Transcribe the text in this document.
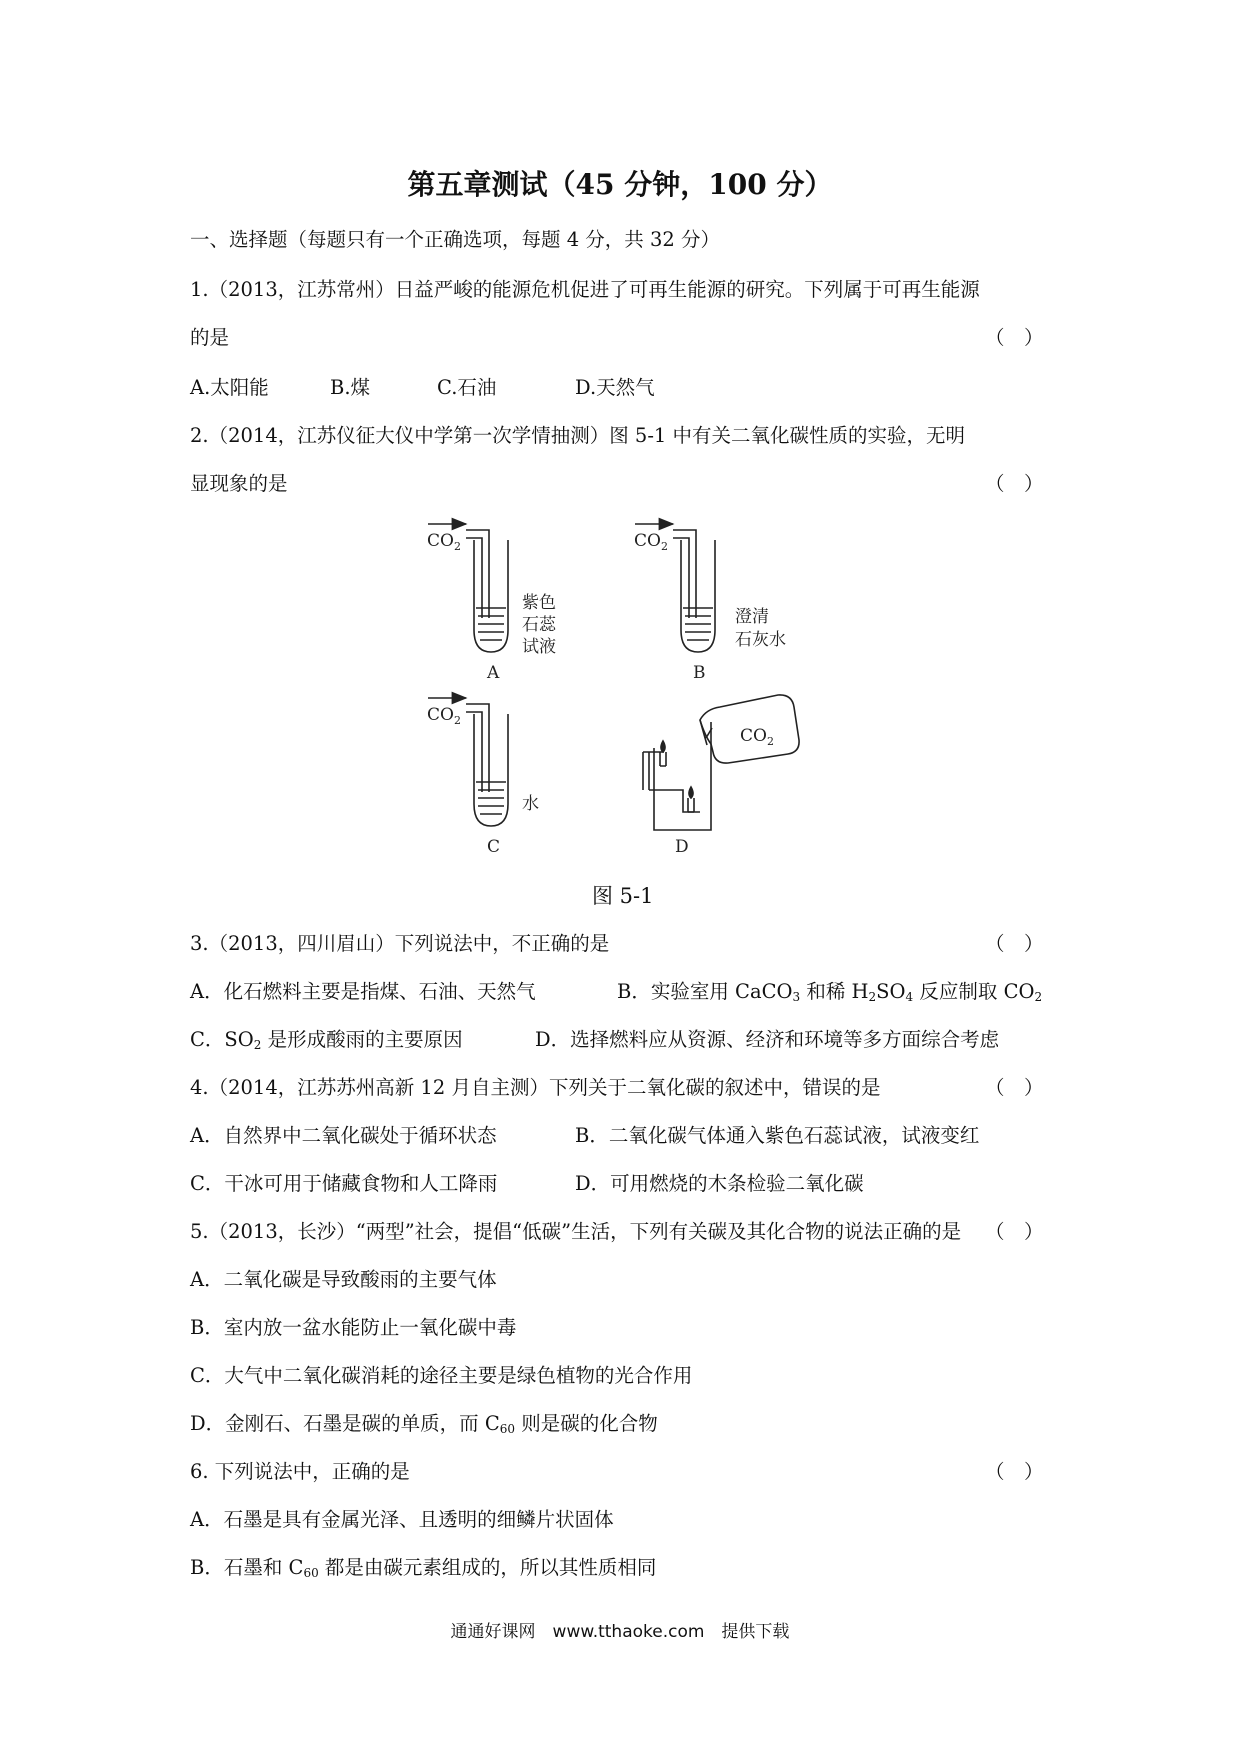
第五章测试（45 分钟，100 分）
一、选择题（每题只有一个正确选项，每题 4 分，共 32 分）
1.（2013，江苏常州）日益严峻的能源危机促进了可再生能源的研究。下列属于可再生能源
的是	（　）
A.太阳能	B.煤	C.石油	D.天然气
2.（2014，江苏仪征大仪中学第一次学情抽测）图 5-1 中有关二氧化碳性质的实验，无明
显现象的是	（　）
$CO_2$	$CO_2$
$CO_2$
$CO_2$
紫色
石蕊
试液
澄清
石灰水
水
A	B
C	D
图 5-1
3.（2013，四川眉山）下列说法中，不正确的是	（　）
A．化石燃料主要是指煤、石油、天然气	B．实验室用 CaCO$_3$ 和稀 $H_2SO_4$ 反应制取 $CO_2$
C．$SO_2$ 是形成酸雨的主要原因	D．选择燃料应从资源、经济和环境等多方面综合考虑
4.（2014，江苏苏州高新 12 月自主测）下列关于二氧化碳的叙述中，错误的是	（　）
A．自然界中二氧化碳处于循环状态	B．二氧化碳气体通入紫色石蕊试液，试液变红
C．干冰可用于储藏食物和人工降雨	D．可用燃烧的木条检验二氧化碳
5.（2013，长沙）“两型”社会，提倡“低碳”生活，下列有关碳及其化合物的说法正确的是 （　）
A．二氧化碳是导致酸雨的主要气体
B．室内放一盆水能防止一氧化碳中毒
C．大气中二氧化碳消耗的途径主要是绿色植物的光合作用
D．金刚石、石墨是碳的单质，而 $C_{60}$ 则是碳的化合物
6. 下列说法中，正确的是	（　）
A．石墨是具有金属光泽、且透明的细鳞片状固体
B．石墨和 $C_{60}$ 都是由碳元素组成的，所以其性质相同
通通好课网　www.tthaoke.com　提供下载
